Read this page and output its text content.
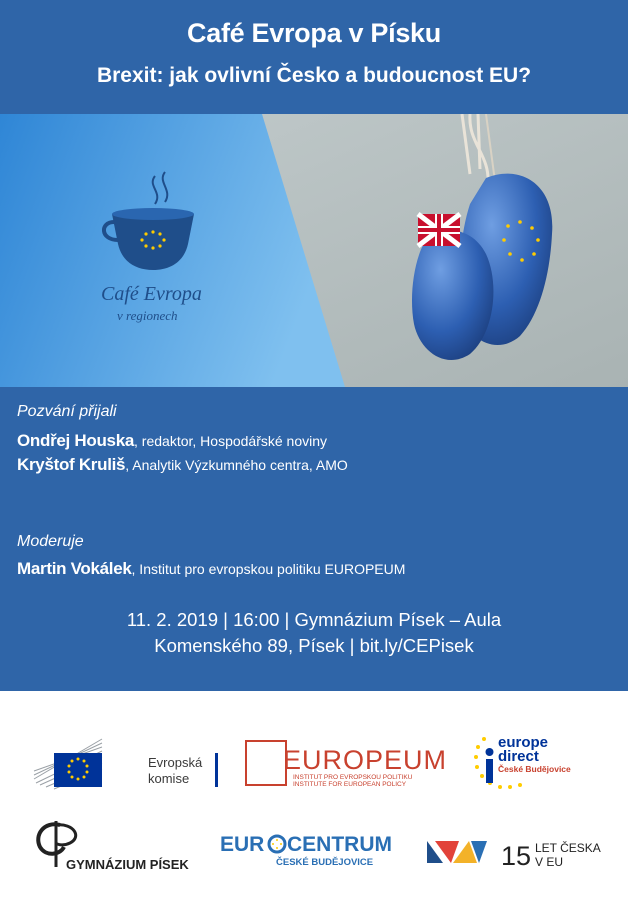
Café Evropa v Písku
Brexit: jak ovlivní Česko a budoucnost EU?
Café Evropa
v regionech
Pozvání přijali
Ondřej Houska, redaktor, Hospodářské noviny
Kryštof Kruliš, Analytik Výzkumného centra, AMO
Moderuje
Martin Vokálek, Institut pro evropskou politiku EUROPEUM
11. 2. 2019 | 16:00 | Gymnázium Písek – Aula
Komenského 89, Písek | bit.ly/CEPisek
Evropská
komise
EUROPEUM
INSTITUT PRO EVROPSKOU POLITIKU
INSTITUTE FOR EUROPEAN POLICY
europe
direct
České Budějovice
GYMNÁZIUM PÍSEK
EUR CENTRUM
ČESKÉ BUDĚJOVICE	15 LET ČESKA
V EU
